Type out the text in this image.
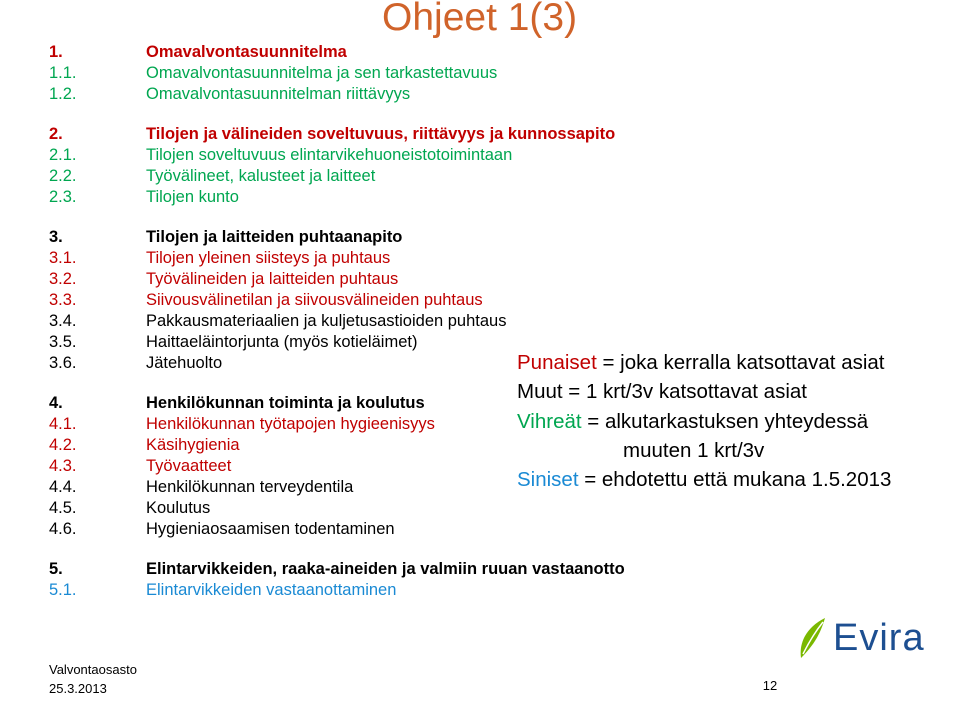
Ohjeet 1(3)
1.	Omavalvontasuunnitelma
1.1.	Omavalvontasuunnitelma ja sen tarkastettavuus
1.2.	Omavalvontasuunnitelman riittävyys
2.	Tilojen ja välineiden soveltuvuus, riittävyys ja kunnossapito
2.1.	Tilojen soveltuvuus elintarvikehuoneistotoimintaan
2.2.	Työvälineet, kalusteet ja laitteet
2.3.	Tilojen kunto
3.	Tilojen ja laitteiden puhtaanapito
3.1.	Tilojen yleinen siisteys ja puhtaus
3.2.	Työvälineiden ja laitteiden puhtaus
3.3.	Siivousvälinetilan ja siivousvälineiden puhtaus
3.4.	Pakkausmateriaalien ja kuljetusastioiden puhtaus
3.5.	Haittaeläintorjunta (myös kotieläimet)
3.6.	Jätehuolto
4.	Henkilökunnan toiminta ja koulutus
4.1.	Henkilökunnan työtapojen hygieenisyys
4.2.	Käsihygienia
4.3.	Työvaatteet
4.4.	Henkilökunnan terveydentila
4.5.	Koulutus
4.6.	Hygieniaosaamisen todentaminen
5.	Elintarvikkeiden, raaka-aineiden ja valmiin ruuan vastaanotto
5.1.	Elintarvikkeiden vastaanottaminen
Punaiset = joka kerralla katsottavat asiat
Muut = 1 krt/3v katsottavat asiat
Vihreät = alkutarkastuksen yhteydessä
muuten 1 krt/3v
Siniset = ehdotettu että mukana 1.5.2013
Evira
Valvontaosasto
25.3.2013	12
